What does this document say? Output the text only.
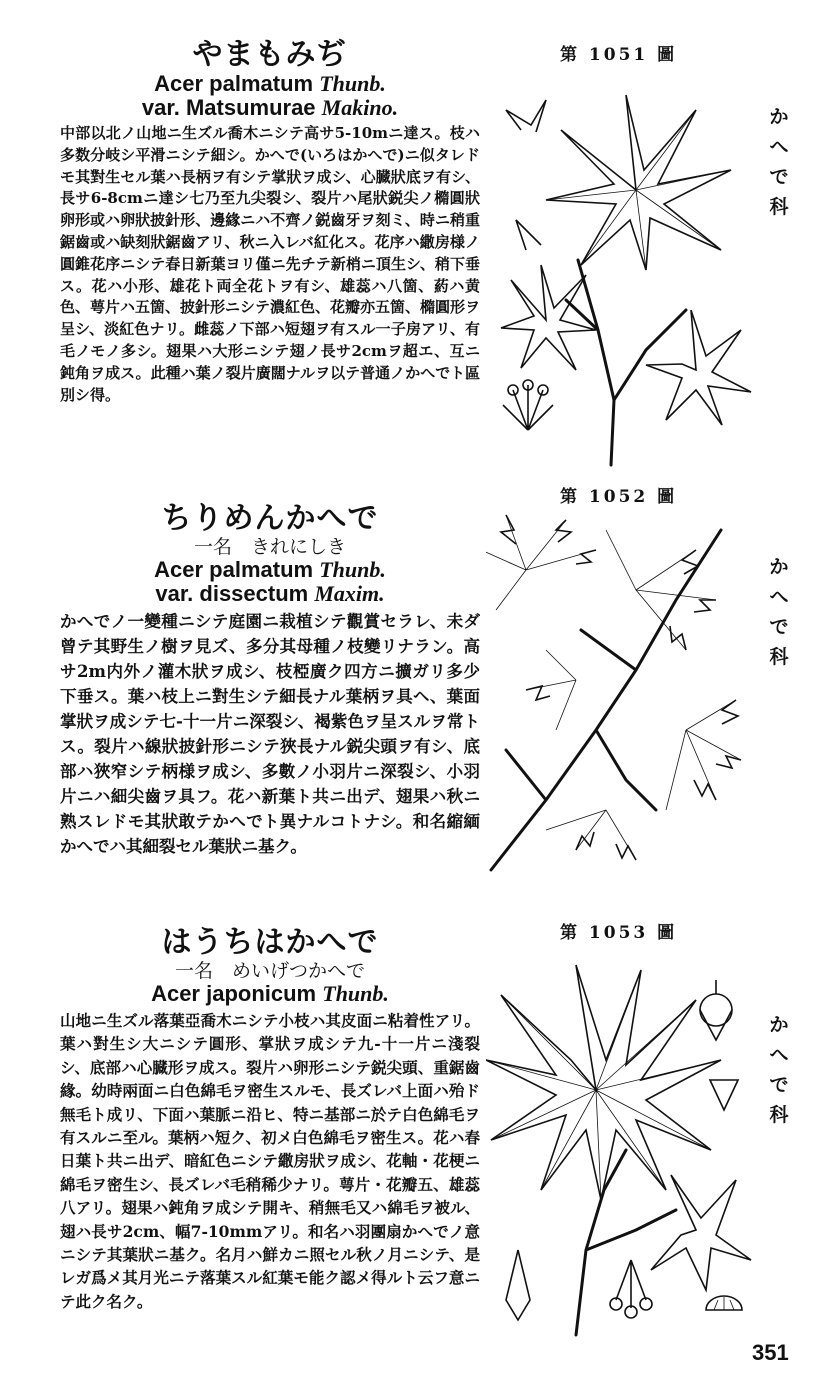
やまもみぢ
Acer palmatum Thunb.
var. Matsumurae Makino.
中部以北ノ山地ニ生ズル喬木ニシテ高サ5-10mニ達ス。枝ハ多数分岐シ平滑ニシテ細シ。かへで(いろはかへで)ニ似タレドモ其對生セル葉ハ長柄ヲ有シテ掌狀ヲ成シ、心臓狀底ヲ有シ、長サ6-8cmニ達シ七乃至九尖裂シ、裂片ハ尾狀鋭尖ノ橢圓狀卵形或ハ卵狀披針形、邊緣ニハ不齊ノ鋭齒牙ヲ刻ミ、時ニ稍重鋸齒或ハ缺刻狀鋸齒アリ、秋ニ入レバ紅化ス。花序ハ繖房様ノ圓錐花序ニシテ春日新葉ヨリ僅ニ先チテ新梢ニ頂生シ、稍下垂ス。花ハ小形、雄花ト両全花トヲ有シ、雄蕊ハ八箇、葯ハ黄色、萼片ハ五箇、披針形ニシテ濃紅色、花瓣亦五箇、橢圓形ヲ呈シ、淡紅色ナリ。雌蕊ノ下部ハ短翅ヲ有スル一子房アリ、有毛ノモノ多シ。翅果ハ大形ニシテ翅ノ長サ2cmヲ超エ、互ニ鈍角ヲ成ス。此種ハ葉ノ裂片廣闊ナルヲ以テ普通ノかへでト區別シ得。
第 1051 圖
かへで科
ちりめんかへで
一名　きれにしき
Acer palmatum Thunb.
var. dissectum Maxim.
かへでノ一變種ニシテ庭園ニ栽植シテ觀賞セラレ、未ダ曾テ其野生ノ樹ヲ見ズ、多分其母種ノ枝變リナラン。高サ2m内外ノ灌木狀ヲ成シ、枝椏廣ク四方ニ擴ガリ多少下垂ス。葉ハ枝上ニ對生シテ細長ナル葉柄ヲ具ヘ、葉面掌狀ヲ成シテ七-十一片ニ深裂シ、褐紫色ヲ呈スルヲ常トス。裂片ハ線狀披針形ニシテ狹長ナル鋭尖頭ヲ有シ、底部ハ狹窄シテ柄様ヲ成シ、多數ノ小羽片ニ深裂シ、小羽片ニハ細尖齒ヲ具フ。花ハ新葉ト共ニ出デ、翅果ハ秋ニ熟スレドモ其狀敢テかへでト異ナルコトナシ。和名縮緬かへでハ其細裂セル葉狀ニ基ク。
第 1052 圖
かへで科
はうちはかへで
一名　めいげつかへで
Acer japonicum Thunb.
山地ニ生ズル落葉亞喬木ニシテ小枝ハ其皮面ニ粘着性アリ。葉ハ對生シ大ニシテ圓形、掌狀ヲ成シテ九-十一片ニ淺裂シ、底部ハ心臓形ヲ成ス。裂片ハ卵形ニシテ鋭尖頭、重鋸齒緣。幼時兩面ニ白色綿毛ヲ密生スルモ、長ズレバ上面ハ殆ド無毛ト成リ、下面ハ葉脈ニ沿ヒ、特ニ基部ニ於テ白色綿毛ヲ有スルニ至ル。葉柄ハ短ク、初メ白色綿毛ヲ密生ス。花ハ春日葉ト共ニ出デ、暗紅色ニシテ繖房狀ヲ成シ、花軸・花梗ニ綿毛ヲ密生シ、長ズレバ毛稍稀少ナリ。萼片・花瓣五、雄蕊八アリ。翅果ハ鈍角ヲ成シテ開キ、稍無毛又ハ綿毛ヲ被ル、翅ハ長サ2cm、幅7-10mmアリ。和名ハ羽團扇かへでノ意ニシテ其葉狀ニ基ク。名月ハ鮮カニ照セル秋ノ月ニシテ、是レガ爲メ其月光ニテ落葉スル紅葉モ能ク認メ得ルト云フ意ニテ此ク名ク。
第 1053 圖
かへで科
351
